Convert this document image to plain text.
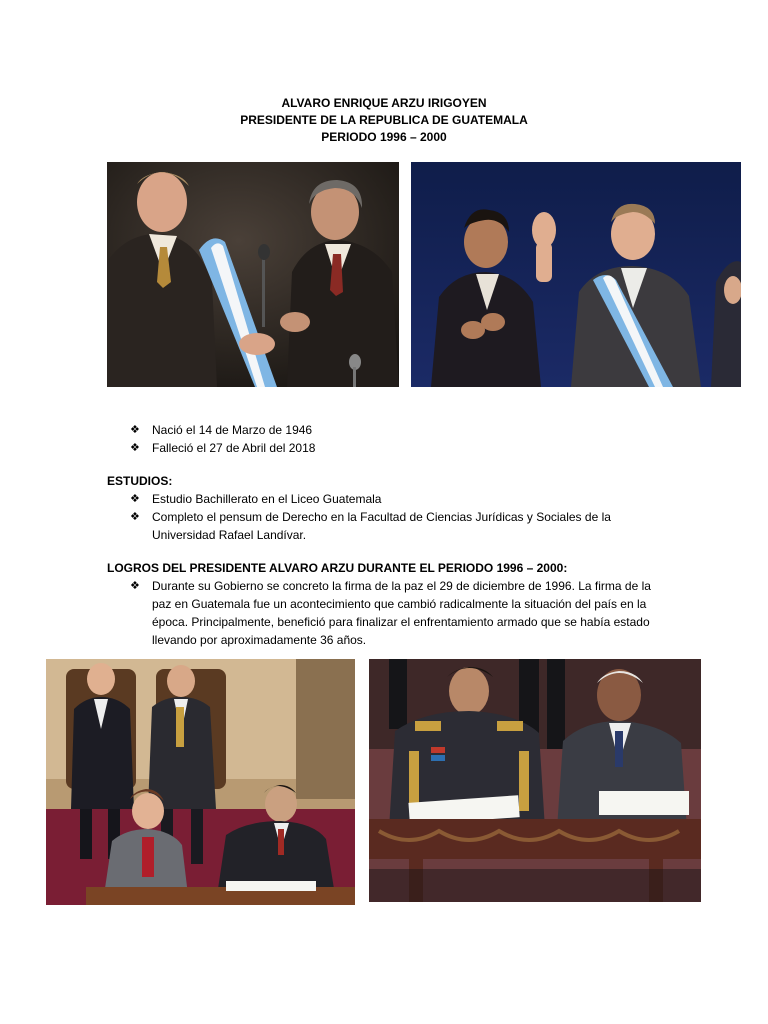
ALVARO ENRIQUE ARZU IRIGOYEN
PRESIDENTE DE LA REPUBLICA DE GUATEMALA
PERIODO 1996 – 2000
❖ Nació el 14 de Marzo de 1946
❖ Falleció el 27 de Abril del 2018
ESTUDIOS:
❖ Estudio Bachillerato en el Liceo Guatemala
❖ Completo el pensum de Derecho en la Facultad de Ciencias Jurídicas y Sociales de la Universidad Rafael Landívar.
LOGROS DEL PRESIDENTE ALVARO ARZU DURANTE EL PERIODO 1996 – 2000:
❖ Durante su Gobierno se concreto la firma de la paz el 29 de diciembre de 1996. La firma de la paz en Guatemala fue un acontecimiento que cambió radicalmente la situación del país en la época. Principalmente, benefició para finalizar el enfrentamiento armado que se había estado llevando por aproximadamente 36 años.
